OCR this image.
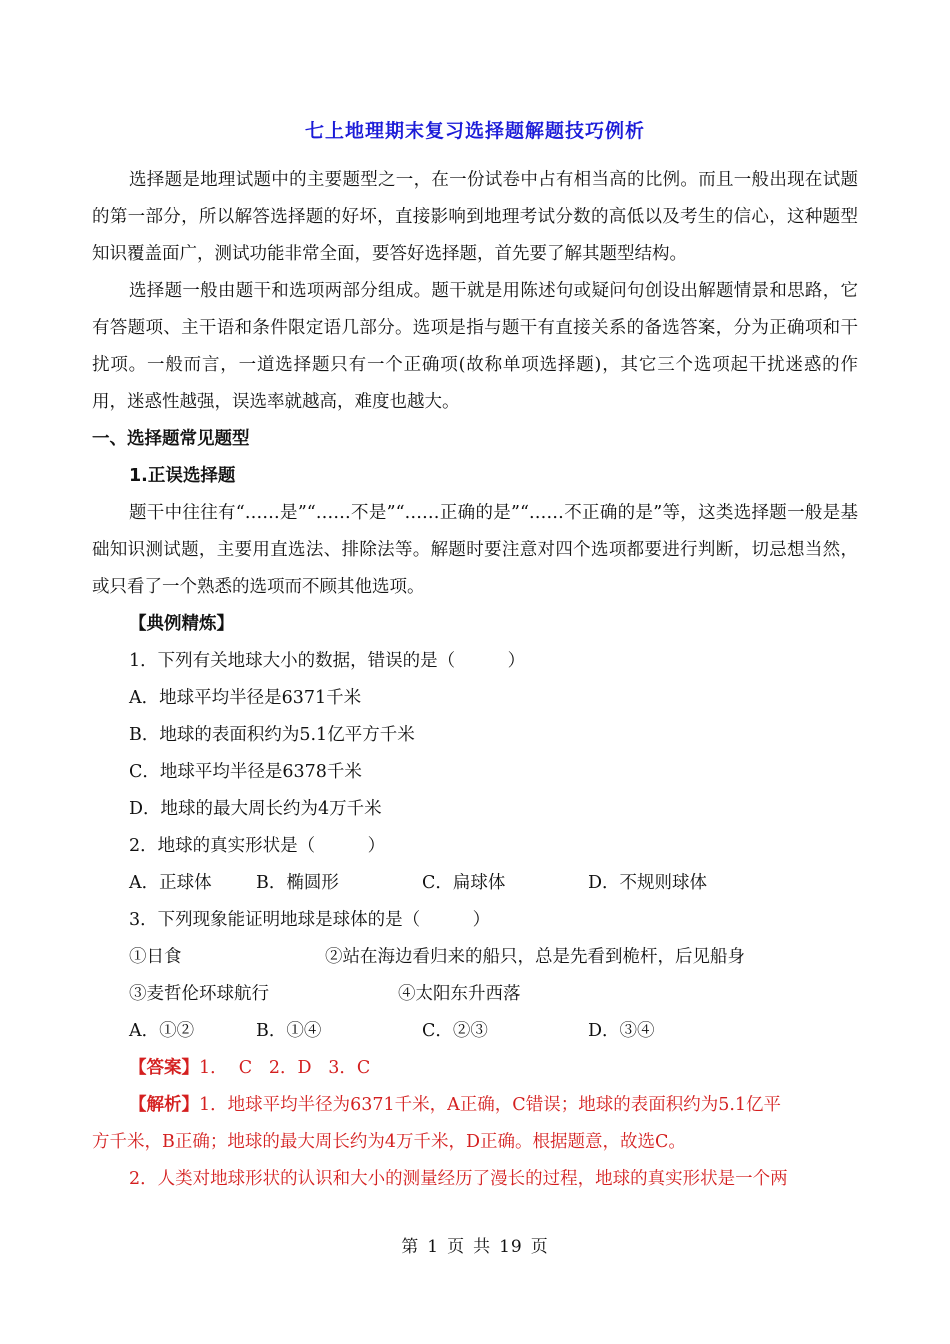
七上地理期末复习选择题解题技巧例析
选择题是地理试题中的主要题型之一，在一份试卷中占有相当高的比例。而且一般出现在试题的第一部分，所以解答选择题的好坏，直接影响到地理考试分数的高低以及考生的信心，这种题型知识覆盖面广，测试功能非常全面，要答好选择题，首先要了解其题型结构。
选择题一般由题干和选项两部分组成。题干就是用陈述句或疑问句创设出解题情景和思路，它有答题项、主干语和条件限定语几部分。选项是指与题干有直接关系的备选答案，分为正确项和干扰项。一般而言，一道选择题只有一个正确项(故称单项选择题)，其它三个选项起干扰迷惑的作用，迷惑性越强，误选率就越高，难度也越大。
一、选择题常见题型
1.正误选择题
题干中往往有“……是”“……不是”“……正确的是”“……不正确的是”等，这类选择题一般是基础知识测试题，主要用直选法、排除法等。解题时要注意对四个选项都要进行判断，切忌想当然，或只看了一个熟悉的选项而不顾其他选项。
【典例精炼】
1．下列有关地球大小的数据，错误的是（　　　）
A．地球平均半径是6371千米
B．地球的表面积约为5.1亿平方千米
C．地球平均半径是6378千米
D．地球的最大周长约为4万千米
2．地球的真实形状是（　　　）
A．正球体	B．椭圆形	C．扁球体	D．不规则球体
3．下列现象能证明地球是球体的是（　　　）
①日食	②站在海边看归来的船只，总是先看到桅杆，后见船身
③麦哲伦环球航行	④太阳东升西落
A．①②	B．①④	C．②③	D．③④
【答案】1．  C   2．D   3．C
【解析】1．地球平均半径为6371千米，A正确，C错误；地球的表面积约为5.1亿平
方千米，B正确；地球的最大周长约为4万千米，D正确。根据题意，故选C。
2．人类对地球形状的认识和大小的测量经历了漫长的过程，地球的真实形状是一个两
第 1 页 共 19 页
